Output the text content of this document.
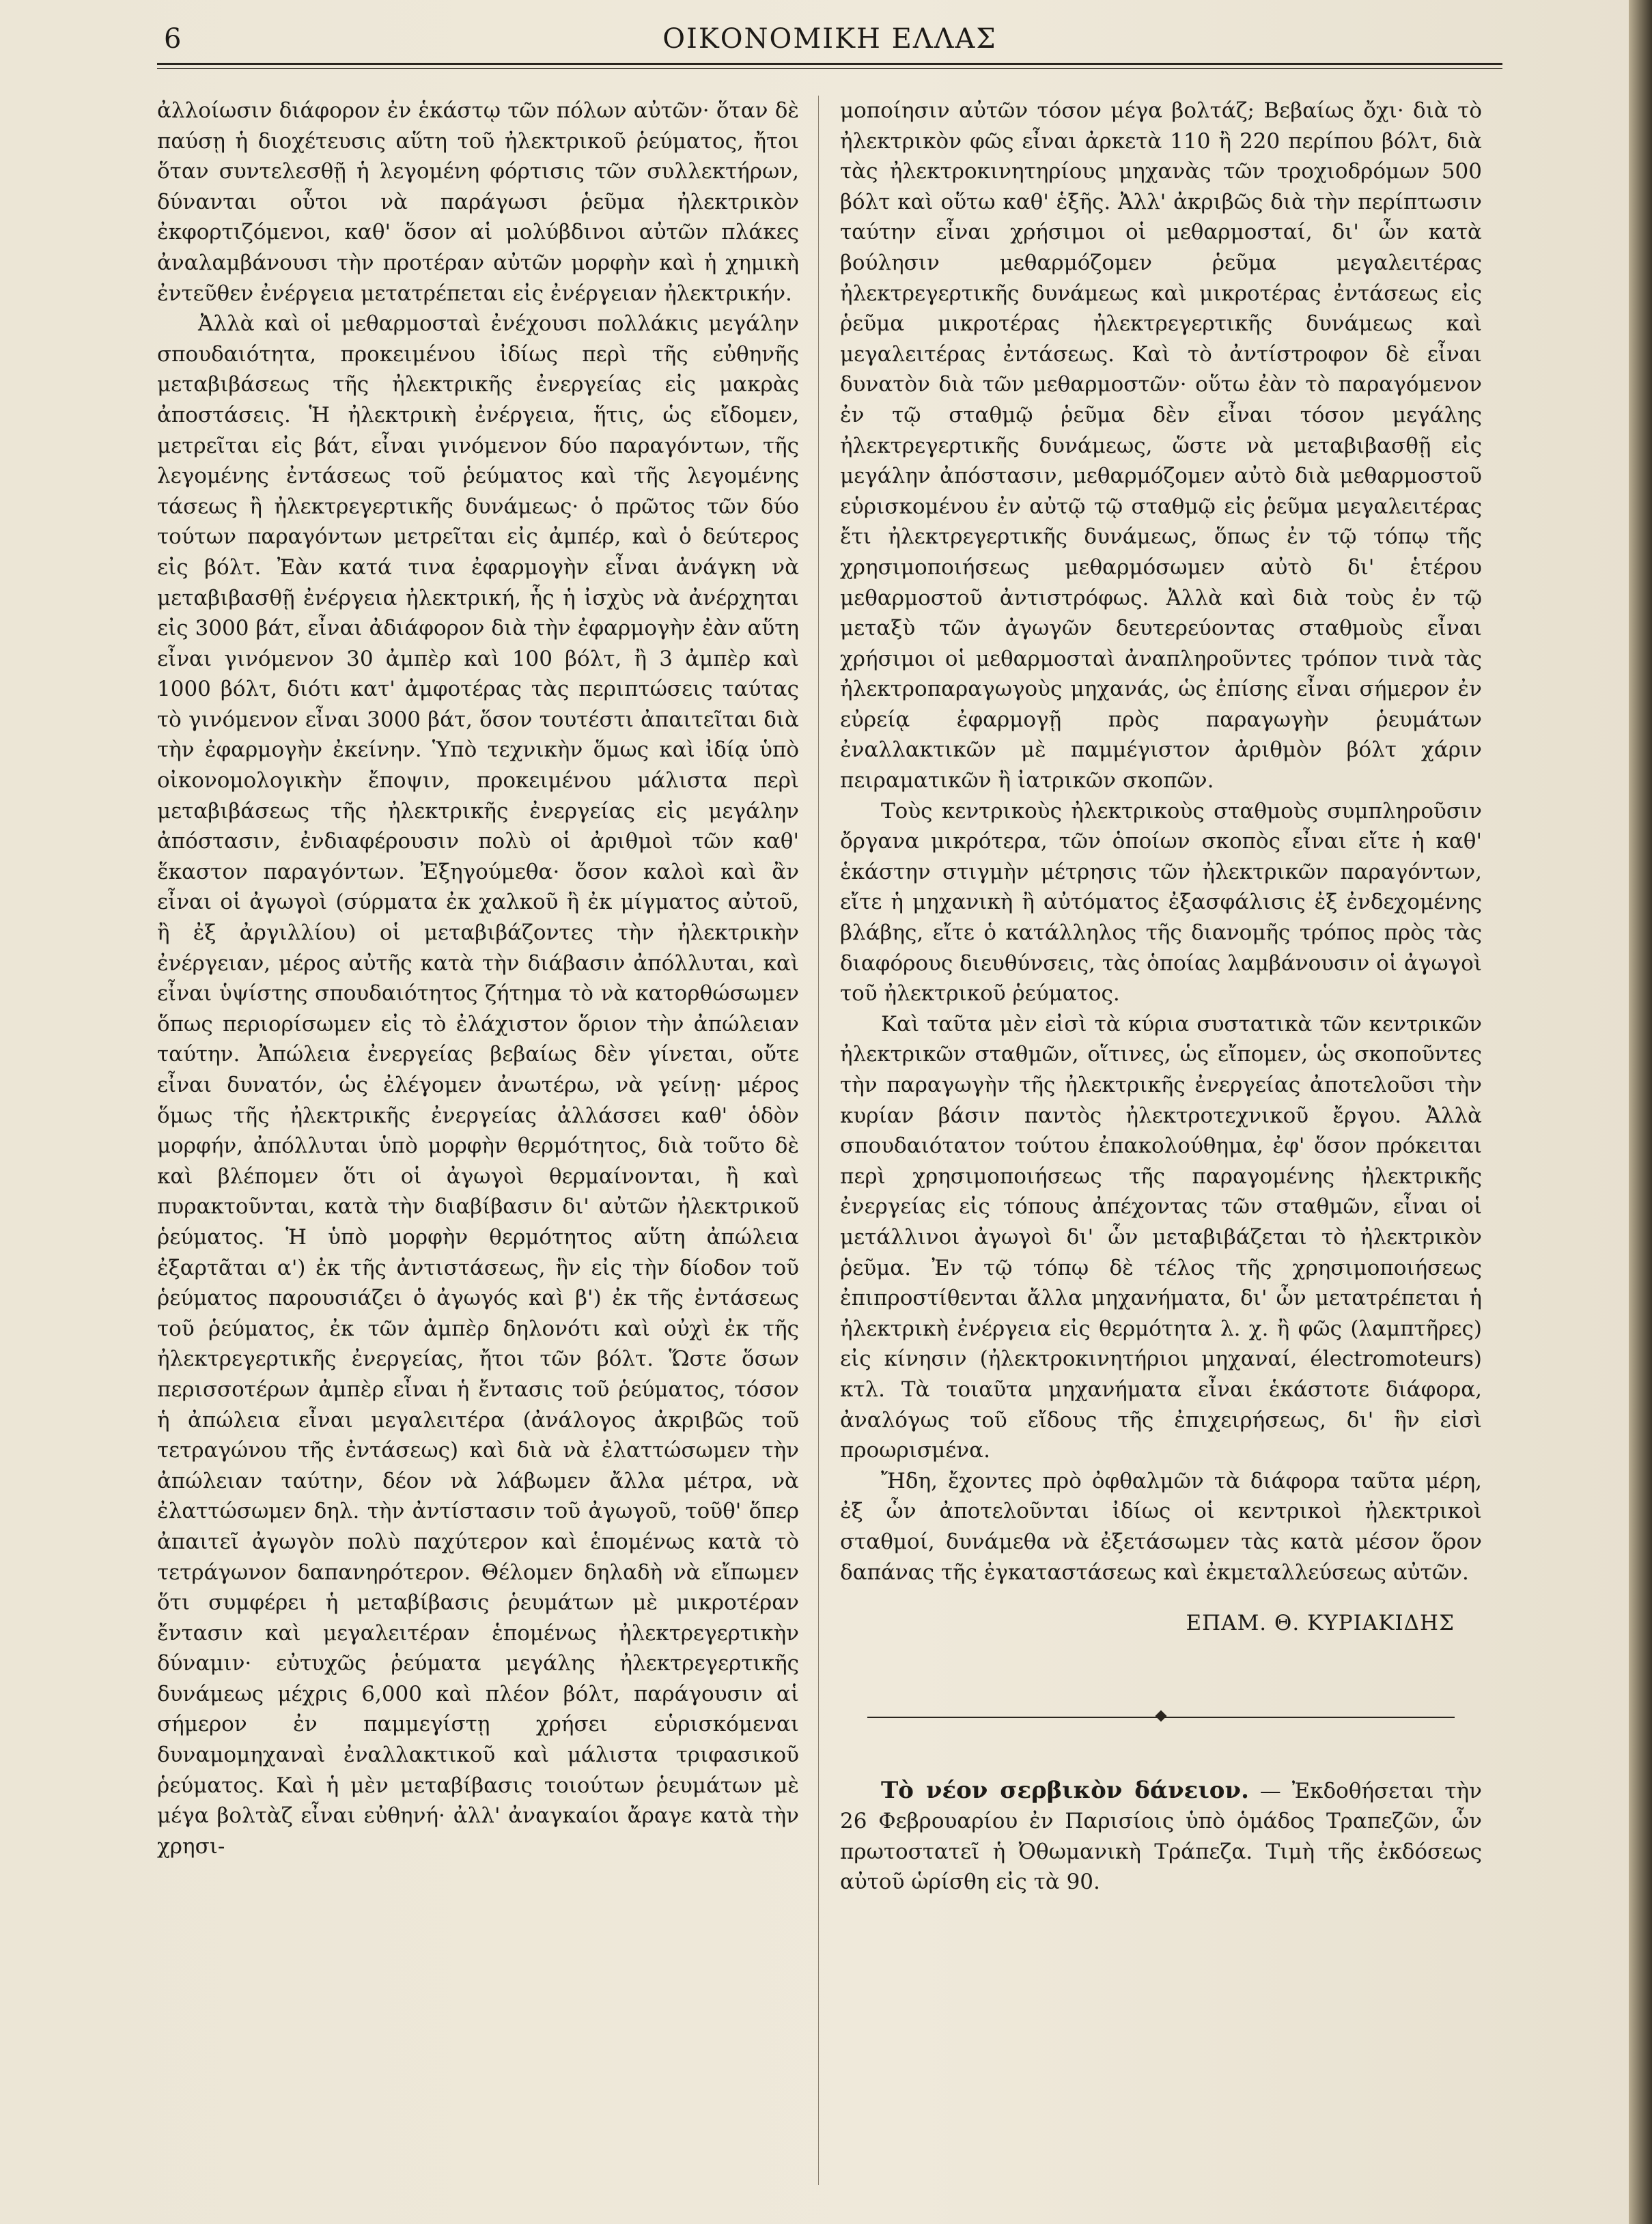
6	ΟΙΚΟΝΟΜΙΚΗ ΕΛΛΑΣ

ἀλλοίωσιν διάφορον ἐν ἑκάστῳ τῶν πόλων αὐτῶν· ὅταν δὲ παύσῃ ἡ διοχέτευσις αὕτη τοῦ ἠλεκτρικοῦ ῥεύματος, ἤτοι ὅταν συντελεσθῇ ἡ λεγομένη φόρτισις τῶν συλλεκτήρων, δύνανται οὗτοι νὰ παράγωσι ῥεῦμα ἠλεκτρικὸν ἐκφορτιζόμενοι, καθ' ὅσον αἱ μολύβδινοι αὐτῶν πλάκες ἀναλαμβάνουσι τὴν προτέραν αὐτῶν μορφὴν καὶ ἡ χημικὴ ἐντεῦθεν ἐνέργεια μετατρέπεται εἰς ἐνέργειαν ἠλεκτρικήν.

Ἀλλὰ καὶ οἱ μεθαρμοσταὶ ἐνέχουσι πολλάκις μεγάλην σπουδαιότητα, προκειμένου ἰδίως περὶ τῆς εὐθηνῆς μεταβιβάσεως τῆς ἠλεκτρικῆς ἐνεργείας εἰς μακρὰς ἀποστάσεις. Ἡ ἠλεκτρικὴ ἐνέργεια, ἥτις, ὡς εἴδομεν, μετρεῖται εἰς βάτ, εἶναι γινόμενον δύο παραγόντων, τῆς λεγομένης ἐντάσεως τοῦ ῥεύματος καὶ τῆς λεγομένης τάσεως ἢ ἠλεκτρεγερτικῆς δυνάμεως· ὁ πρῶτος τῶν δύο τούτων παραγόντων μετρεῖται εἰς ἀμπέρ, καὶ ὁ δεύτερος εἰς βόλτ. Ἐὰν κατά τινα ἐφαρμογὴν εἶναι ἀνάγκη νὰ μεταβιβασθῇ ἐνέργεια ἠλεκτρική, ἧς ἡ ἰσχὺς νὰ ἀνέρχηται εἰς 3000 βάτ, εἶναι ἀδιάφορον διὰ τὴν ἐφαρμογὴν ἐὰν αὕτη εἶναι γινόμενον 30 ἀμπὲρ καὶ 100 βόλτ, ἢ 3 ἀμπὲρ καὶ 1000 βόλτ, διότι κατ' ἀμφοτέρας τὰς περιπτώσεις ταύτας τὸ γινόμενον εἶναι 3000 βάτ, ὅσον τουτέστι ἀπαιτεῖται διὰ τὴν ἐφαρμογὴν ἐκείνην. Ὑπὸ τεχνικὴν ὅμως καὶ ἰδίᾳ ὑπὸ οἰκονομολογικὴν ἔποψιν, προκειμένου μάλιστα περὶ μεταβιβάσεως τῆς ἠλεκτρικῆς ἐνεργείας εἰς μεγάλην ἀπόστασιν, ἐνδιαφέρουσιν πολὺ οἱ ἀριθμοὶ τῶν καθ' ἕκαστον παραγόντων. Ἐξηγούμεθα· ὅσον καλοὶ καὶ ἂν εἶναι οἱ ἀγωγοὶ (σύρματα ἐκ χαλκοῦ ἢ ἐκ μίγματος αὐτοῦ, ἢ ἐξ ἀργιλλίου) οἱ μεταβιβάζοντες τὴν ἠλεκτρικὴν ἐνέργειαν, μέρος αὐτῆς κατὰ τὴν διάβασιν ἀπόλλυται, καὶ εἶναι ὑψίστης σπουδαιότητος ζήτημα τὸ νὰ κατορθώσωμεν ὅπως περιορίσωμεν εἰς τὸ ἐλάχιστον ὅριον τὴν ἀπώλειαν ταύτην. Ἀπώλεια ἐνεργείας βεβαίως δὲν γίνεται, οὔτε εἶναι δυνατόν, ὡς ἐλέγομεν ἀνωτέρω, νὰ γείνῃ· μέρος ὅμως τῆς ἠλεκτρικῆς ἐνεργείας ἀλλάσσει καθ' ὁδὸν μορφήν, ἀπόλλυται ὑπὸ μορφὴν θερμότητος, διὰ τοῦτο δὲ καὶ βλέπομεν ὅτι οἱ ἀγωγοὶ θερμαίνονται, ἢ καὶ πυρακτοῦνται, κατὰ τὴν διαβίβασιν δι' αὐτῶν ἠλεκτρικοῦ ῥεύματος. Ἡ ὑπὸ μορφὴν θερμότητος αὕτη ἀπώλεια ἐξαρτᾶται α') ἐκ τῆς ἀντιστάσεως, ἣν εἰς τὴν δίοδον τοῦ ῥεύματος παρουσιάζει ὁ ἀγωγός καὶ β') ἐκ τῆς ἐντάσεως τοῦ ῥεύματος, ἐκ τῶν ἀμπὲρ δηλονότι καὶ οὐχὶ ἐκ τῆς ἠλεκτρεγερτικῆς ἐνεργείας, ἤτοι τῶν βόλτ. Ὥστε ὅσων περισσοτέρων ἀμπὲρ εἶναι ἡ ἔντασις τοῦ ῥεύματος, τόσον ἡ ἀπώλεια εἶναι μεγαλειτέρα (ἀνάλογος ἀκριβῶς τοῦ τετραγώνου τῆς ἐντάσεως) καὶ διὰ νὰ ἐλαττώσωμεν τὴν ἀπώλειαν ταύτην, δέον νὰ λάβωμεν ἄλλα μέτρα, νὰ ἐλαττώσωμεν δηλ. τὴν ἀντίστασιν τοῦ ἀγωγοῦ, τοῦθ' ὅπερ ἀπαιτεῖ ἀγωγὸν πολὺ παχύτερον καὶ ἑπομένως κατὰ τὸ τετράγωνον δαπανηρότερον. Θέλομεν δηλαδὴ νὰ εἴπωμεν ὅτι συμφέρει ἡ μεταβίβασις ῥευμάτων μὲ μικροτέραν ἔντασιν καὶ μεγαλειτέραν ἑπομένως ἠλεκτρεγερτικὴν δύναμιν· εὐτυχῶς ῥεύματα μεγάλης ἠλεκτρεγερτικῆς δυνάμεως μέχρις 6,000 καὶ πλέον βόλτ, παράγουσιν αἱ σήμερον ἐν παμμεγίστῃ χρήσει εὑρισκόμεναι δυναμομηχαναὶ ἐναλλακτικοῦ καὶ μάλιστα τριφασικοῦ ῥεύματος. Καὶ ἡ μὲν μεταβίβασις τοιούτων ῥευμάτων μὲ μέγα βολτὰζ εἶναι εὐθηνή· ἀλλ' ἀναγκαίοι ἄραγε κατὰ τὴν χρησι-

μοποίησιν αὐτῶν τόσον μέγα βολτάζ; Βεβαίως ὄχι· διὰ τὸ ἠλεκτρικὸν φῶς εἶναι ἀρκετὰ 110 ἢ 220 περίπου βόλτ, διὰ τὰς ἠλεκτροκινητηρίους μηχανὰς τῶν τροχιοδρόμων 500 βόλτ καὶ οὕτω καθ' ἑξῆς. Ἀλλ' ἀκριβῶς διὰ τὴν περίπτωσιν ταύτην εἶναι χρήσιμοι οἱ μεθαρμοσταί, δι' ὧν κατὰ βούλησιν μεθαρμόζομεν ῥεῦμα μεγαλειτέρας ἠλεκτρεγερτικῆς δυνάμεως καὶ μικροτέρας ἐντάσεως εἰς ῥεῦμα μικροτέρας ἠλεκτρεγερτικῆς δυνάμεως καὶ μεγαλειτέρας ἐντάσεως. Καὶ τὸ ἀντίστροφον δὲ εἶναι δυνατὸν διὰ τῶν μεθαρμοστῶν· οὕτω ἐὰν τὸ παραγόμενον ἐν τῷ σταθμῷ ῥεῦμα δὲν εἶναι τόσον μεγάλης ἠλεκτρεγερτικῆς δυνάμεως, ὥστε νὰ μεταβιβασθῇ εἰς μεγάλην ἀπόστασιν, μεθαρμόζομεν αὐτὸ διὰ μεθαρμοστοῦ εὑρισκομένου ἐν αὐτῷ τῷ σταθμῷ εἰς ῥεῦμα μεγαλειτέρας ἔτι ἠλεκτρεγερτικῆς δυνάμεως, ὅπως ἐν τῷ τόπῳ τῆς χρησιμοποιήσεως μεθαρμόσωμεν αὐτὸ δι' ἑτέρου μεθαρμοστοῦ ἀντιστρόφως. Ἀλλὰ καὶ διὰ τοὺς ἐν τῷ μεταξὺ τῶν ἀγωγῶν δευτερεύοντας σταθμοὺς εἶναι χρήσιμοι οἱ μεθαρμοσταὶ ἀναπληροῦντες τρόπον τινὰ τὰς ἠλεκτροπαραγωγοὺς μηχανάς, ὡς ἐπίσης εἶναι σήμερον ἐν εὐρείᾳ ἐφαρμογῇ πρὸς παραγωγὴν ῥευμάτων ἐναλλακτικῶν μὲ παμμέγιστον ἀριθμὸν βόλτ χάριν πειραματικῶν ἢ ἰατρικῶν σκοπῶν.

Τοὺς κεντρικοὺς ἠλεκτρικοὺς σταθμοὺς συμπληροῦσιν ὄργανα μικρότερα, τῶν ὁποίων σκοπὸς εἶναι εἴτε ἡ καθ' ἑκάστην στιγμὴν μέτρησις τῶν ἠλεκτρικῶν παραγόντων, εἴτε ἡ μηχανικὴ ἢ αὐτόματος ἐξασφάλισις ἐξ ἐνδεχομένης βλάβης, εἴτε ὁ κατάλληλος τῆς διανομῆς τρόπος πρὸς τὰς διαφόρους διευθύνσεις, τὰς ὁποίας λαμβάνουσιν οἱ ἀγωγοὶ τοῦ ἠλεκτρικοῦ ῥεύματος.

Καὶ ταῦτα μὲν εἰσὶ τὰ κύρια συστατικὰ τῶν κεντρικῶν ἠλεκτρικῶν σταθμῶν, οἵτινες, ὡς εἴπομεν, ὡς σκοποῦντες τὴν παραγωγὴν τῆς ἠλεκτρικῆς ἐνεργείας ἀποτελοῦσι τὴν κυρίαν βάσιν παντὸς ἠλεκτροτεχνικοῦ ἔργου. Ἀλλὰ σπουδαιότατον τούτου ἐπακολούθημα, ἐφ' ὅσον πρόκειται περὶ χρησιμοποιήσεως τῆς παραγομένης ἠλεκτρικῆς ἐνεργείας εἰς τόπους ἀπέχοντας τῶν σταθμῶν, εἶναι οἱ μετάλλινοι ἀγωγοὶ δι' ὧν μεταβιβάζεται τὸ ἠλεκτρικὸν ῥεῦμα. Ἐν τῷ τόπῳ δὲ τέλος τῆς χρησιμοποιήσεως ἐπιπροστίθενται ἄλλα μηχανήματα, δι' ὧν μετατρέπεται ἡ ἠλεκτρικὴ ἐνέργεια εἰς θερμότητα λ. χ. ἢ φῶς (λαμπτῆρες) εἰς κίνησιν (ἠλεκτροκινητήριοι μηχαναί, électromoteurs) κτλ. Τὰ τοιαῦτα μηχανήματα εἶναι ἑκάστοτε διάφορα, ἀναλόγως τοῦ εἴδους τῆς ἐπιχειρήσεως, δι' ἣν εἰσὶ προωρισμένα.

Ἤδη, ἔχοντες πρὸ ὀφθαλμῶν τὰ διάφορα ταῦτα μέρη, ἐξ ὧν ἀποτελοῦνται ἰδίως οἱ κεντρικοὶ ἠλεκτρικοὶ σταθμοί, δυνάμεθα νὰ ἐξετάσωμεν τὰς κατὰ μέσον ὅρον δαπάνας τῆς ἐγκαταστάσεως καὶ ἐκμεταλλεύσεως αὐτῶν.

ΕΠΑΜ. Θ. ΚΥΡΙΑΚΙΔΗΣ

Τὸ νέον σερβικὸν δάνειον. — Ἐκδοθήσεται τὴν 26 Φεβρουαρίου ἐν Παρισίοις ὑπὸ ὁμάδος Τραπεζῶν, ὧν πρωτοστατεῖ ἡ Ὀθωμανικὴ Τράπεζα. Τιμὴ τῆς ἐκδόσεως αὐτοῦ ὡρίσθη εἰς τὰ 90.
